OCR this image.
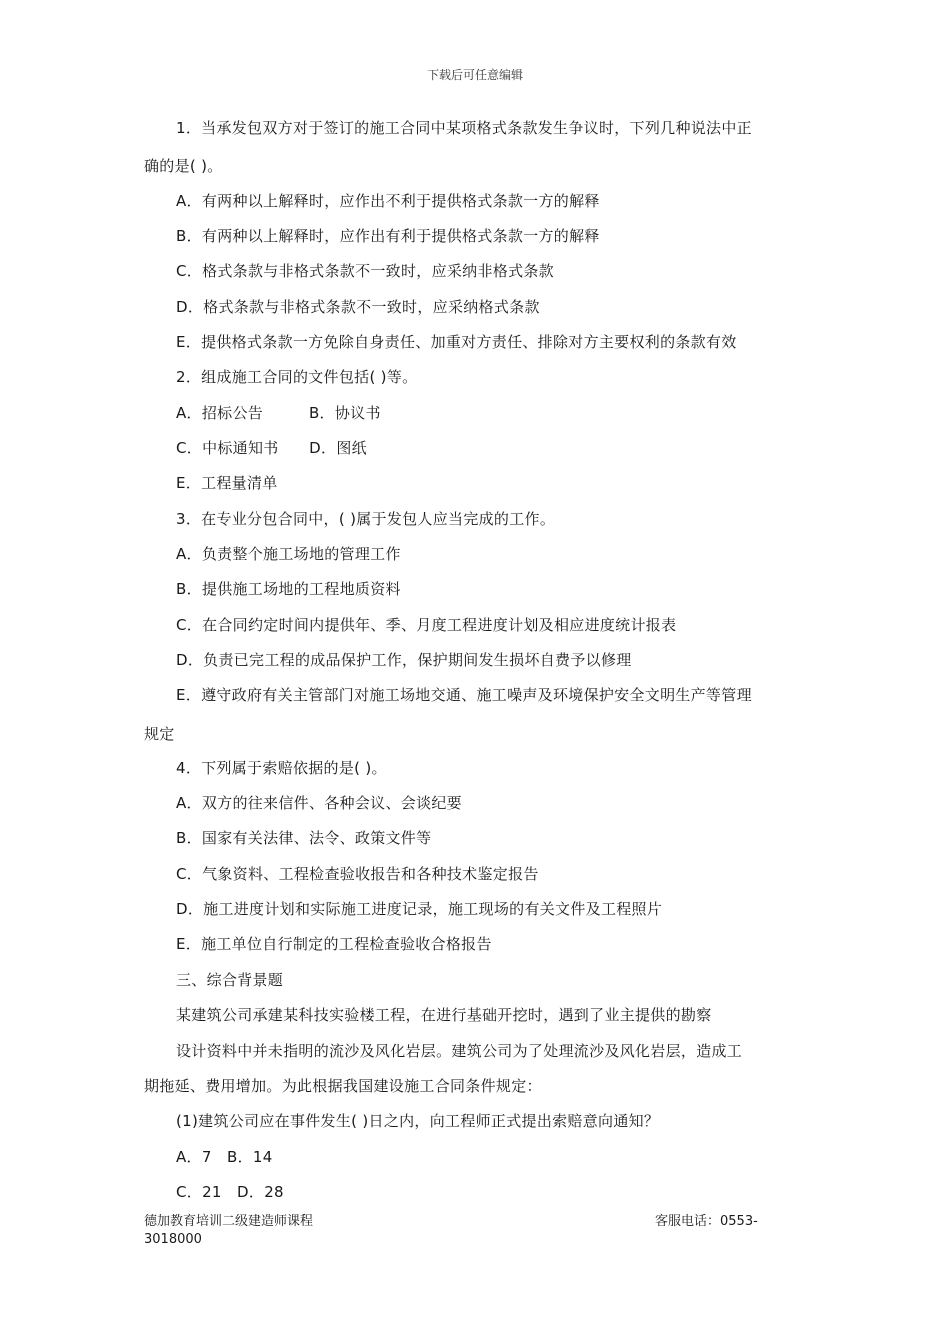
下载后可任意编辑
1．当承发包双方对于签订的施工合同中某项格式条款发生争议时，下列几种说法中正
确的是( )。
A．有两种以上解释时，应作出不利于提供格式条款一方的解释
B．有两种以上解释时，应作出有利于提供格式条款一方的解释
C．格式条款与非格式条款不一致时，应采纳非格式条款
D．格式条款与非格式条款不一致时，应采纳格式条款
E．提供格式条款一方免除自身责任、加重对方责任、排除对方主要权利的条款有效
2．组成施工合同的文件包括( )等。
A．招标公告　　　B．协议书
C．中标通知书　　D．图纸
E．工程量清单
3．在专业分包合同中，( )属于发包人应当完成的工作。
A．负责整个施工场地的管理工作
B．提供施工场地的工程地质资料
C．在合同约定时间内提供年、季、月度工程进度计划及相应进度统计报表
D．负责已完工程的成品保护工作，保护期间发生损坏自费予以修理
E．遵守政府有关主管部门对施工场地交通、施工噪声及环境保护安全文明生产等管理
规定
4．下列属于索赔依据的是( )。
A．双方的往来信件、各种会议、会谈纪要
B．国家有关法律、法令、政策文件等
C．气象资料、工程检查验收报告和各种技术鉴定报告
D．施工进度计划和实际施工进度记录，施工现场的有关文件及工程照片
E．施工单位自行制定的工程检查验收合格报告
三、综合背景题
某建筑公司承建某科技实验楼工程，在进行基础开挖时，遇到了业主提供的勘察
设计资料中并未指明的流沙及风化岩层。建筑公司为了处理流沙及风化岩层，造成工
期拖延、费用增加。为此根据我国建设施工合同条件规定：
(1)建筑公司应在事件发生( )日之内，向工程师正式提出索赔意向通知？
A．7　B．14
C．21　D．28
德加教育培训二级建造师课程	客服电话：0553-
3018000
